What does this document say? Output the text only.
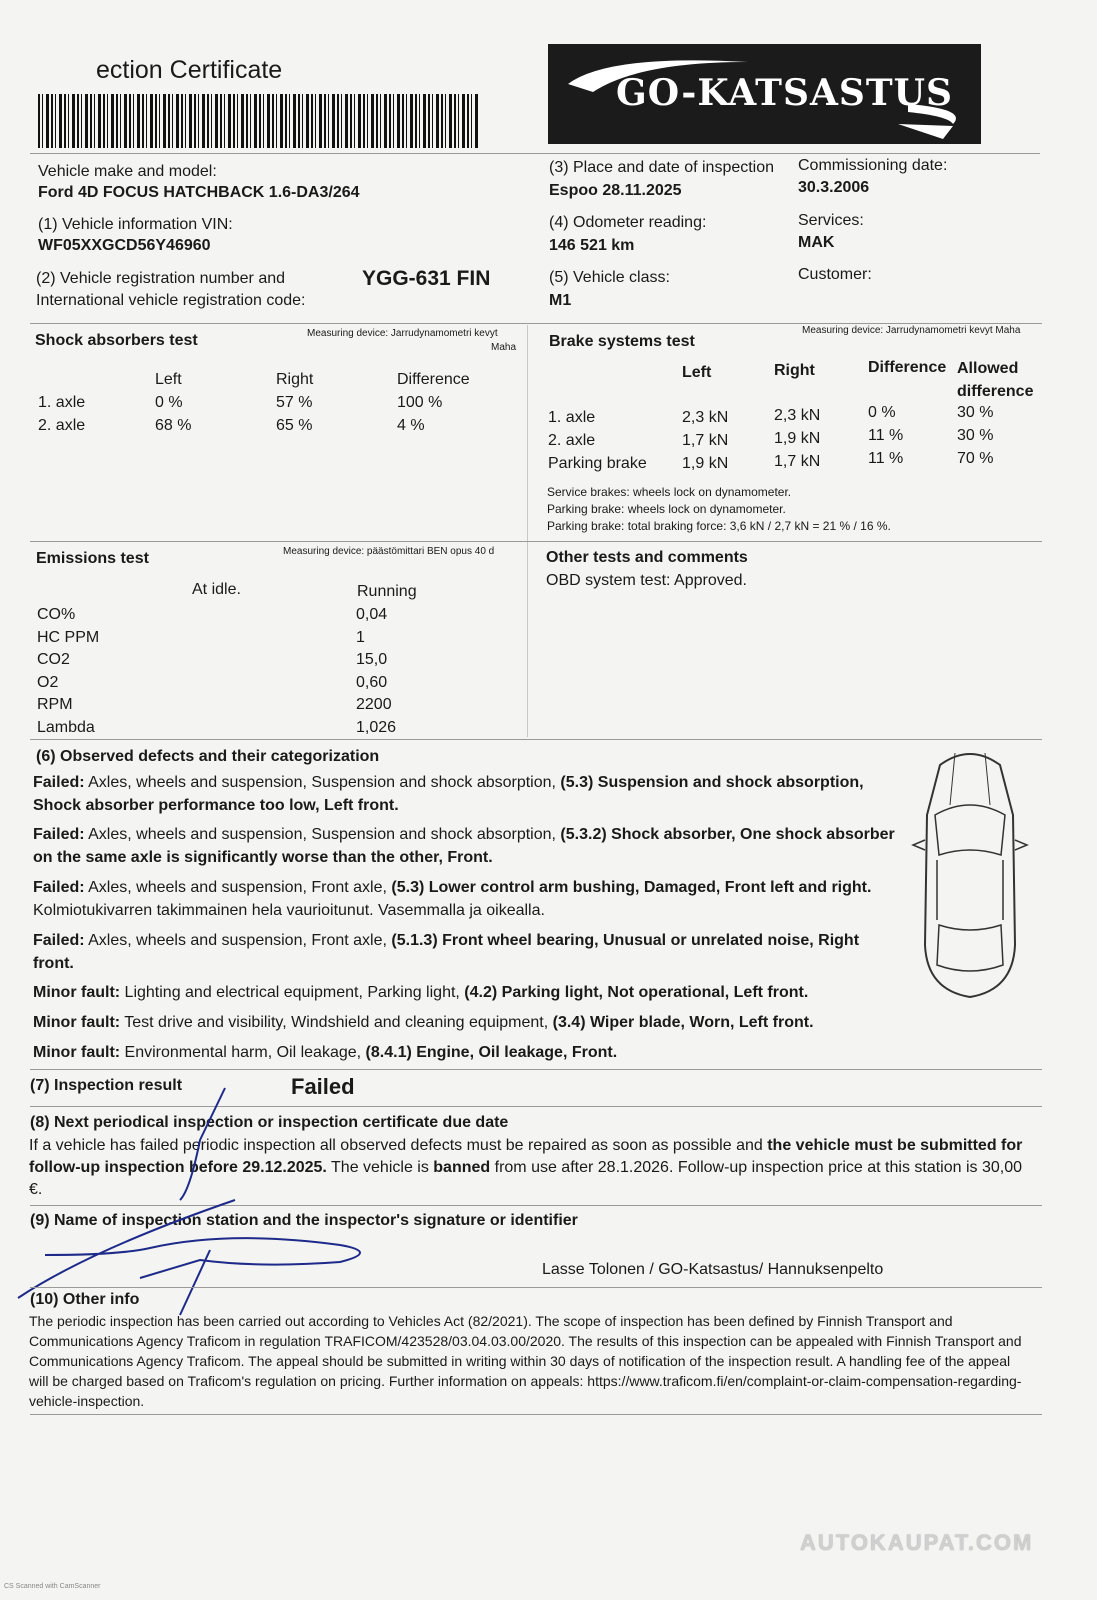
ection Certificate
GO-KATSASTUS
Vehicle make and model:
Ford 4D FOCUS HATCHBACK 1.6-DA3/264
(1) Vehicle information VIN:
WF05XXGCD56Y46960
(2) Vehicle registration number and
International vehicle registration code:
YGG-631 FIN
(3) Place and date of inspection
Espoo 28.11.2025
(4) Odometer reading:
146 521 km
(5) Vehicle class:
M1
Commissioning date:
30.3.2006
Services:
MAK
Customer:
Shock absorbers test	Measuring device: Jarrudynamometri kevyt
Maha
Left	Right	Difference
1. axle	0 %	57 %	100 %
2. axle	68 %	65 %	4 %
Brake systems test
Measuring device: Jarrudynamometri kevyt Maha
Left	Right	Difference Allowed
difference
1. axle	2,3 kN	2,3 kN	0 %	30 %
2. axle	1,7 kN	1,9 kN	11 %	30 %
Parking brake 1,9 kN	1,7 kN	11 %	70 %
Service brakes: wheels lock on dynamometer.
Parking brake: wheels lock on dynamometer.
Parking brake: total braking force: 3,6 kN / 2,7 kN = 21 % / 16 %.
Emissions test	Measuring device: päästömittari BEN opus 40 d
At idle.	Running
CO%	0,04
HC PPM	1
CO2	15,0
O2	0,60
RPM	2200
Lambda	1,026
Other tests and comments
OBD system test: Approved.
(6) Observed defects and their categorization
Failed: Axles, wheels and suspension, Suspension and shock absorption, (5.3) Suspension and shock absorption, Shock absorber performance too low, Left front.
Failed: Axles, wheels and suspension, Suspension and shock absorption, (5.3.2) Shock absorber, One shock absorber on the same axle is significantly worse than the other, Front.
Failed: Axles, wheels and suspension, Front axle, (5.3) Lower control arm bushing, Damaged, Front left and right.
Kolmiotukivarren takimmainen hela vaurioitunut. Vasemmalla ja oikealla.
Failed: Axles, wheels and suspension, Front axle, (5.1.3) Front wheel bearing, Unusual or unrelated noise, Right front.
Minor fault: Lighting and electrical equipment, Parking light, (4.2) Parking light, Not operational, Left front.
Minor fault: Test drive and visibility, Windshield and cleaning equipment, (3.4) Wiper blade, Worn, Left front.
Minor fault: Environmental harm, Oil leakage, (8.4.1) Engine, Oil leakage, Front.
(7) Inspection result	Failed
(8) Next periodical inspection or inspection certificate due date
If a vehicle has failed periodic inspection all observed defects must be repaired as soon as possible and the vehicle must be submitted for follow-up inspection before 29.12.2025. The vehicle is banned from use after 28.1.2026. Follow-up inspection price at this station is 30,00 €.
(9) Name of inspection station and the inspector's signature or identifier
Lasse Tolonen / GO-Katsastus/ Hannuksenpelto
(10) Other info
The periodic inspection has been carried out according to Vehicles Act (82/2021). The scope of inspection has been defined by Finnish Transport and Communications Agency Traficom in regulation TRAFICOM/423528/03.04.03.00/2020. The results of this inspection can be appealed with Finnish Transport and Communications Agency Traficom. The appeal should be submitted in writing within 30 days of notification of the inspection result. A handling fee of the appeal will be charged based on Traficom's regulation on pricing. Further information on appeals: https://www.traficom.fi/en/complaint-or-claim-compensation-regarding-vehicle-inspection.
AUTOKAUPAT.COM
CS Scanned with CamScanner
